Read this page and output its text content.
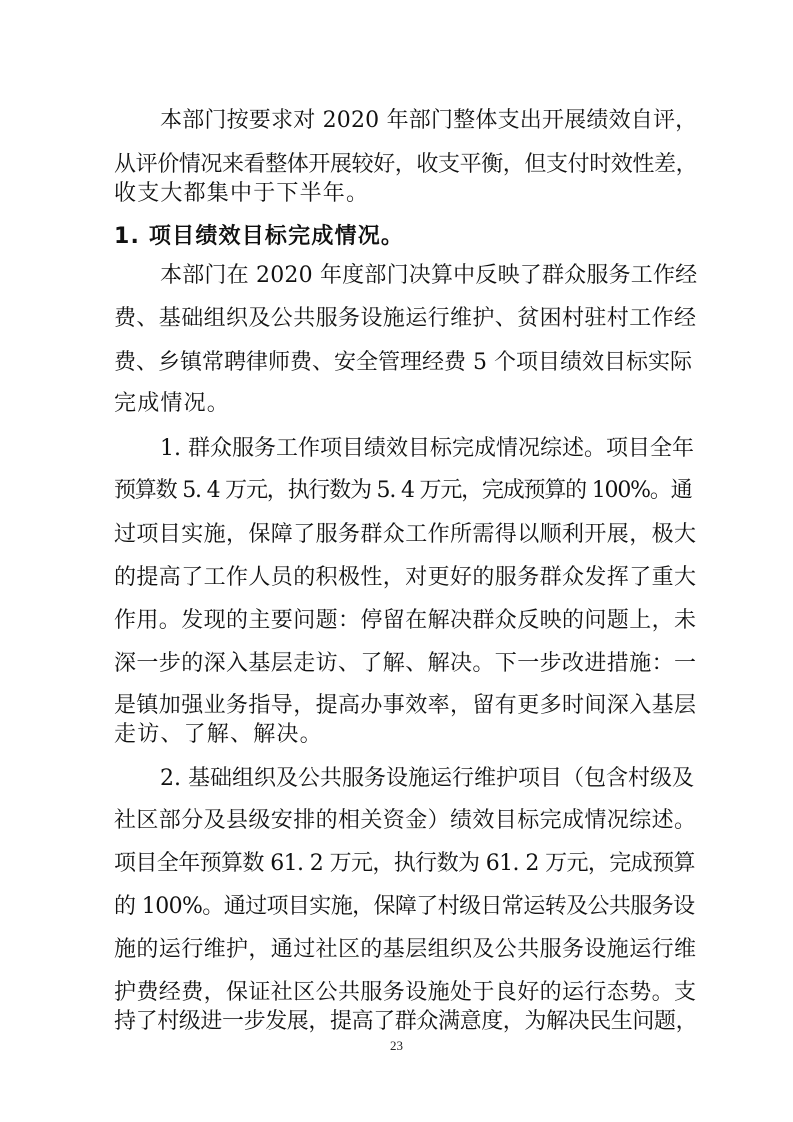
本部门按要求对 2020 年部门整体支出开展绩效自评，
从评价情况来看整体开展较好，收支平衡，但支付时效性差，
收支大都集中于下半年。
1. 项目绩效目标完成情况。
本部门在 2020 年度部门决算中反映了群众服务工作经
费、基础组织及公共服务设施运行维护、贫困村驻村工作经
费、乡镇常聘律师费、安全管理经费 5 个项目绩效目标实际
完成情况。
1. 群众服务工作项目绩效目标完成情况综述。项目全年
预算数 5. 4 万元，执行数为 5. 4 万元，完成预算的 100%。通
过项目实施，保障了服务群众工作所需得以顺利开展，极大
的提高了工作人员的积极性，对更好的服务群众发挥了重大
作用。发现的主要问题：停留在解决群众反映的问题上，未
深一步的深入基层走访、了解、解决。下一步改进措施：一
是镇加强业务指导，提高办事效率，留有更多时间深入基层
走访、了解、解决。
2. 基础组织及公共服务设施运行维护项目（包含村级及
社区部分及县级安排的相关资金）绩效目标完成情况综述。
项目全年预算数 61. 2 万元，执行数为 61. 2 万元，完成预算
的 100%。通过项目实施，保障了村级日常运转及公共服务设
施的运行维护，通过社区的基层组织及公共服务设施运行维
护费经费，保证社区公共服务设施处于良好的运行态势。支
持了村级进一步发展，提高了群众满意度，为解决民生问题，
23
